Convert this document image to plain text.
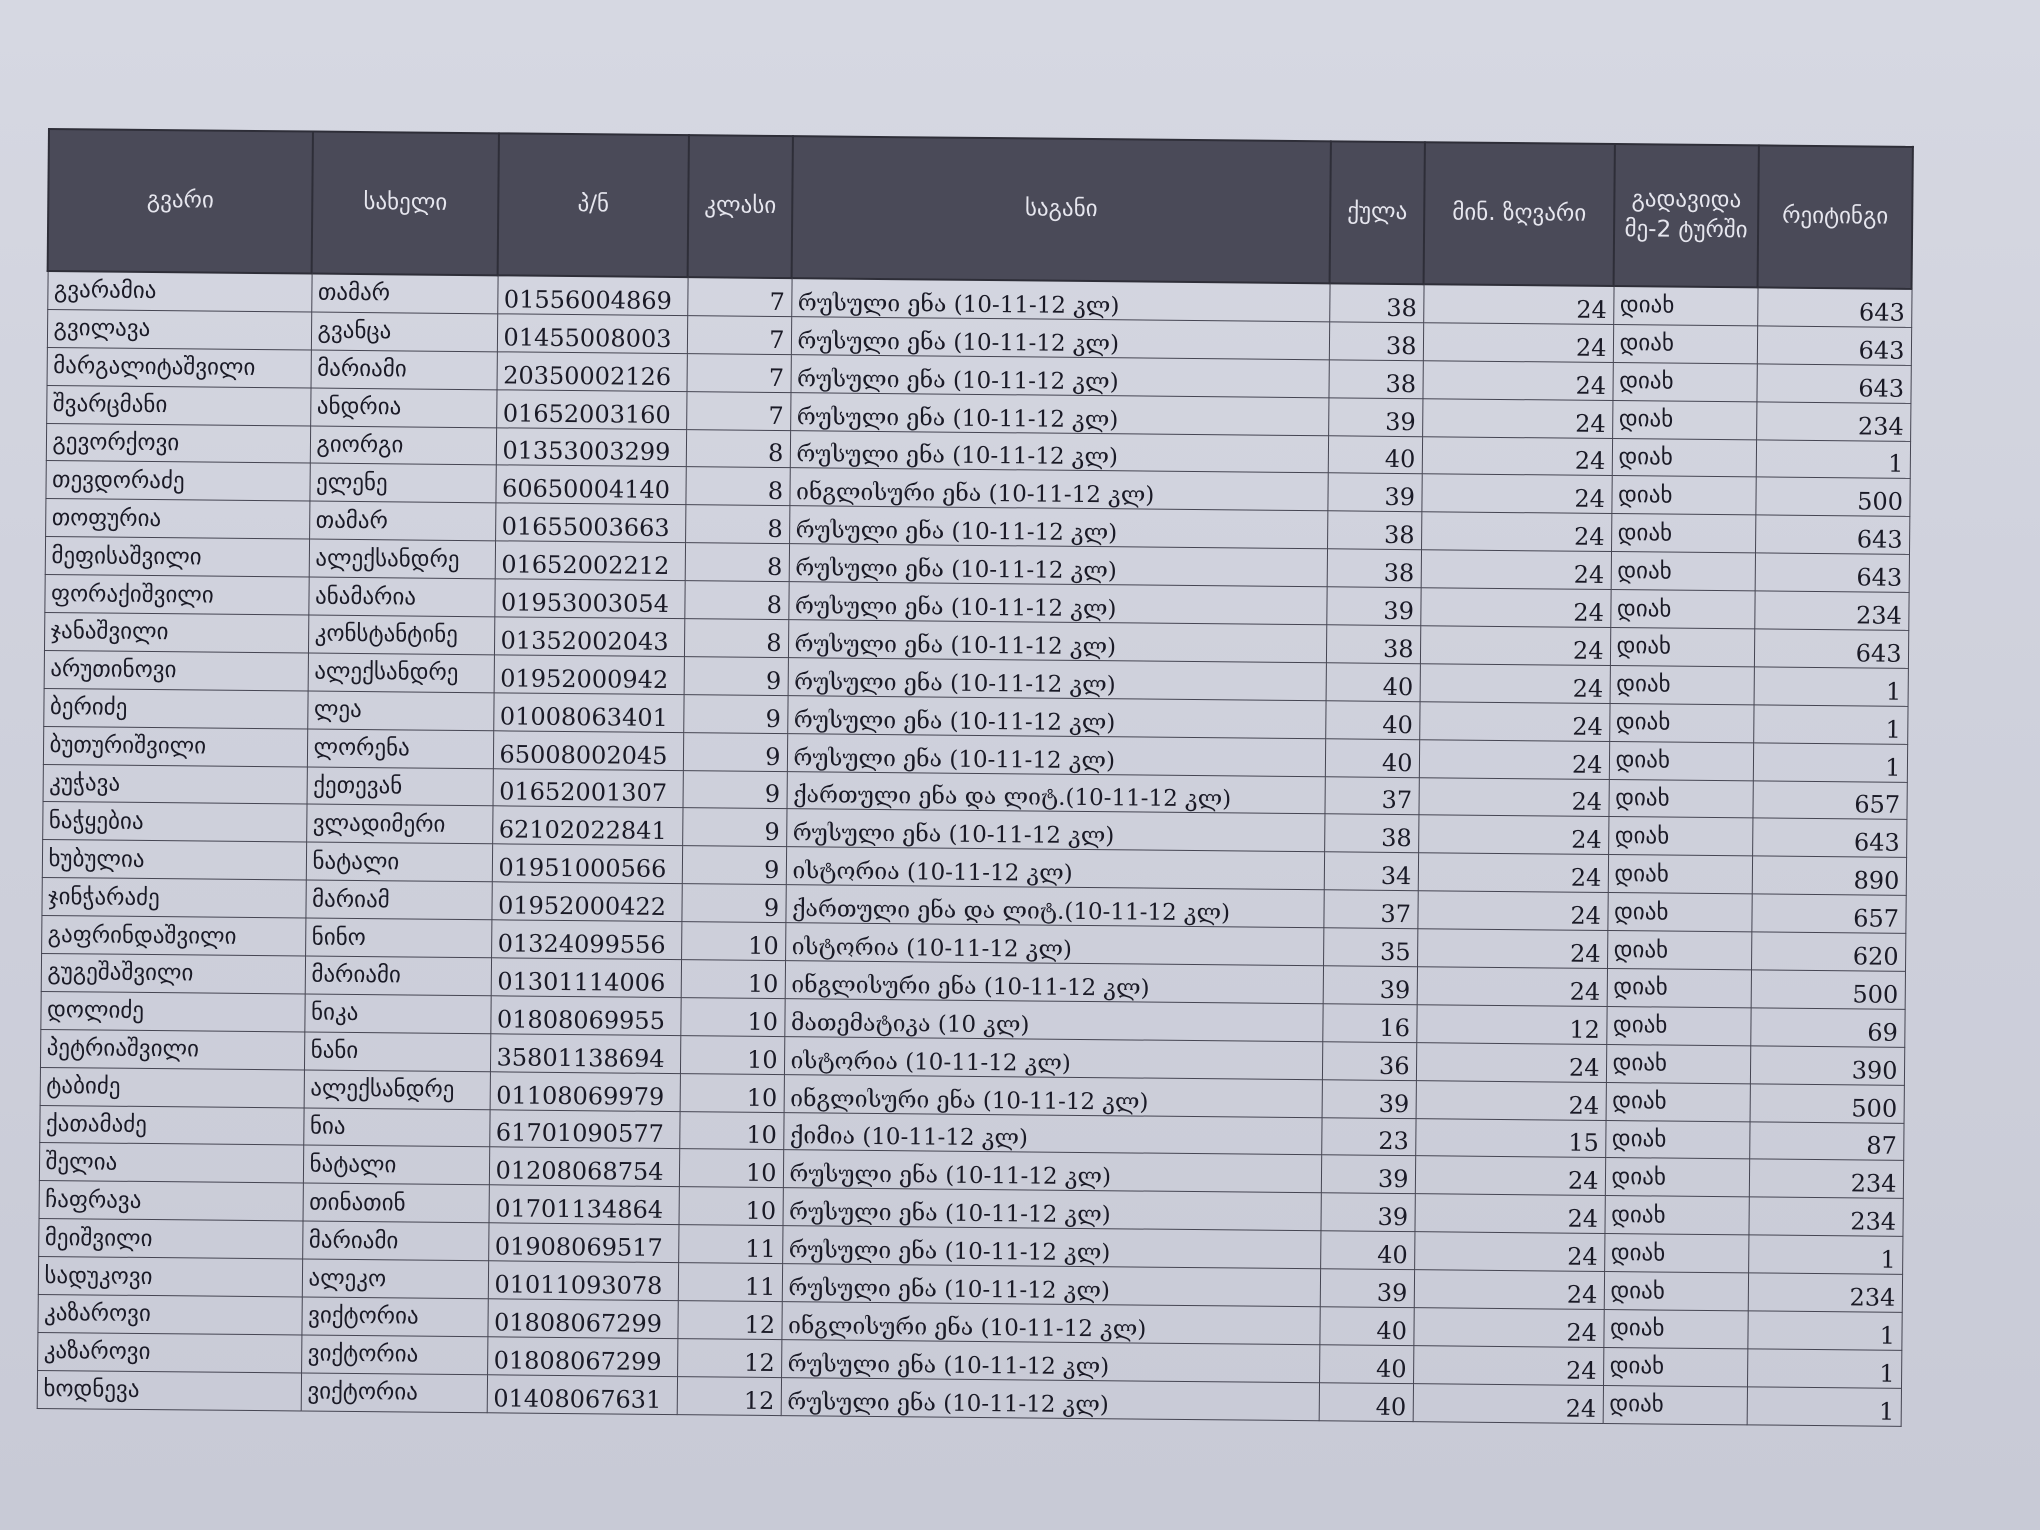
გვარი	სახელი	პ/ნ	კლასი	საგანი	ქულა	მინ. ზღვარი	გადავიდა მე-2 ტურში	რეიტინგი
გვარამია	თამარ	01556004869	7	რუსული ენა (10-11-12 კლ)	38	24	დიახ	643
გვილავა	გვანცა	01455008003	7	რუსული ენა (10-11-12 კლ)	38	24	დიახ	643
მარგალიტაშვილი	მარიამი	20350002126	7	რუსული ენა (10-11-12 კლ)	38	24	დიახ	643
შვარცმანი	ანდრია	01652003160	7	რუსული ენა (10-11-12 კლ)	39	24	დიახ	234
გევორქოვი	გიორგი	01353003299	8	რუსული ენა (10-11-12 კლ)	40	24	დიახ	1
თევდორაძე	ელენე	60650004140	8	ინგლისური ენა (10-11-12 კლ)	39	24	დიახ	500
თოფურია	თამარ	01655003663	8	რუსული ენა (10-11-12 კლ)	38	24	დიახ	643
მეფისაშვილი	ალექსანდრე	01652002212	8	რუსული ენა (10-11-12 კლ)	38	24	დიახ	643
ფორაქიშვილი	ანამარია	01953003054	8	რუსული ენა (10-11-12 კლ)	39	24	დიახ	234
ჯანაშვილი	კონსტანტინე	01352002043	8	რუსული ენა (10-11-12 კლ)	38	24	დიახ	643
არუთინოვი	ალექსანდრე	01952000942	9	რუსული ენა (10-11-12 კლ)	40	24	დიახ	1
ბერიძე	ლეა	01008063401	9	რუსული ენა (10-11-12 კლ)	40	24	დიახ	1
ბუთურიშვილი	ლორენა	65008002045	9	რუსული ენა (10-11-12 კლ)	40	24	დიახ	1
კუჭავა	ქეთევან	01652001307	9	ქართული ენა და ლიტ.(10-11-12 კლ)	37	24	დიახ	657
ნაჭყებია	ვლადიმერი	62102022841	9	რუსული ენა (10-11-12 კლ)	38	24	დიახ	643
ხუბულია	ნატალი	01951000566	9	ისტორია (10-11-12 კლ)	34	24	დიახ	890
ჯინჭარაძე	მარიამ	01952000422	9	ქართული ენა და ლიტ.(10-11-12 კლ)	37	24	დიახ	657
გაფრინდაშვილი	ნინო	01324099556	10	ისტორია (10-11-12 კლ)	35	24	დიახ	620
გუგეშაშვილი	მარიამი	01301114006	10	ინგლისური ენა (10-11-12 კლ)	39	24	დიახ	500
დოლიძე	ნიკა	01808069955	10	მათემატიკა (10 კლ)	16	12	დიახ	69
პეტრიაშვილი	ნანი	35801138694	10	ისტორია (10-11-12 კლ)	36	24	დიახ	390
ტაბიძე	ალექსანდრე	01108069979	10	ინგლისური ენა (10-11-12 კლ)	39	24	დიახ	500
ქათამაძე	ნია	61701090577	10	ქიმია (10-11-12 კლ)	23	15	დიახ	87
შელია	ნატალი	01208068754	10	რუსული ენა (10-11-12 კლ)	39	24	დიახ	234
ჩაფრავა	თინათინ	01701134864	10	რუსული ენა (10-11-12 კლ)	39	24	დიახ	234
მეიშვილი	მარიამი	01908069517	11	რუსული ენა (10-11-12 კლ)	40	24	დიახ	1
სადუკოვი	ალეკო	01011093078	11	რუსული ენა (10-11-12 კლ)	39	24	დიახ	234
კაზაროვი	ვიქტორია	01808067299	12	ინგლისური ენა (10-11-12 კლ)	40	24	დიახ	1
კაზაროვი	ვიქტორია	01808067299	12	რუსული ენა (10-11-12 კლ)	40	24	დიახ	1
ხოდნევა	ვიქტორია	01408067631	12	რუსული ენა (10-11-12 კლ)	40	24	დიახ	1
